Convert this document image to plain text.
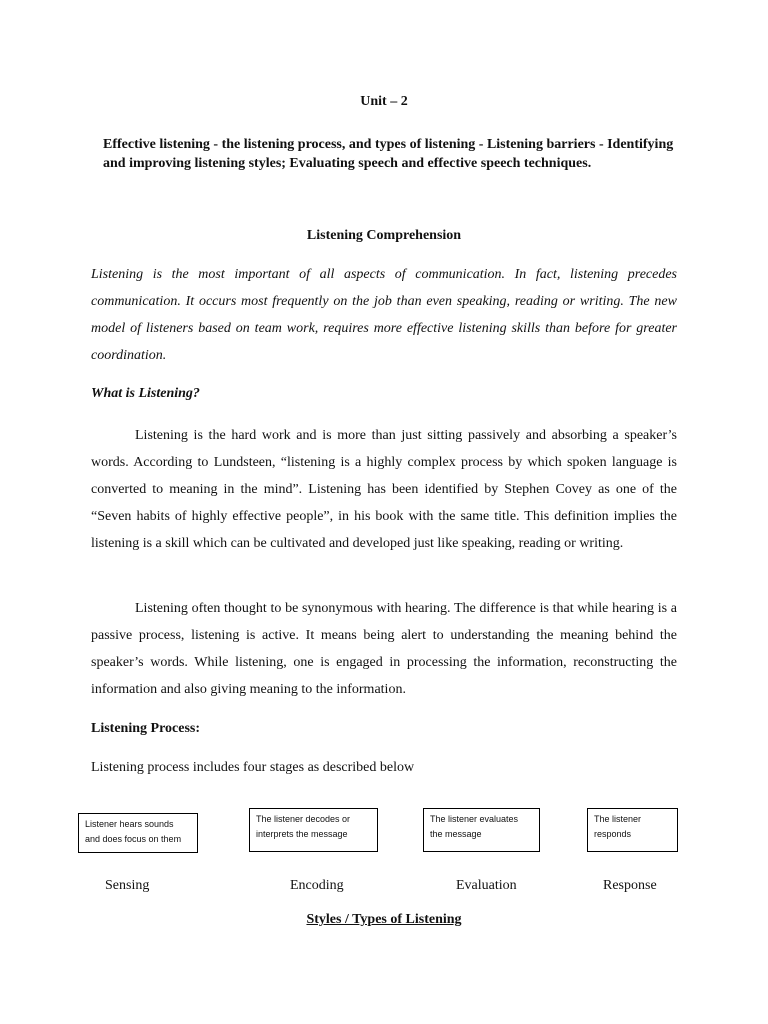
Unit – 2
Effective listening - the listening process, and types of listening - Listening barriers - Identifying and improving listening styles; Evaluating speech and effective speech techniques.
Listening Comprehension

Listening is the most important of all aspects of communication. In fact, listening precedes communication. It occurs most frequently on the job than even speaking, reading or writing. The new model of listeners based on team work, requires more effective listening skills than before for greater coordination.

What is Listening?

Listening is the hard work and is more than just sitting passively and absorbing a speaker’s words. According to Lundsteen, “listening is a highly complex process by which spoken language is converted to meaning in the mind”. Listening has been identified by Stephen Covey as one of the “Seven habits of highly effective people”, in his book with the same title. This definition implies the listening is a skill which can be cultivated and developed just like speaking, reading or writing.

Listening often thought to be synonymous with hearing. The difference is that while hearing is a passive process, listening is active. It means being alert to understanding the meaning behind the speaker’s words. While listening, one is engaged in processing the information, reconstructing the information and also giving meaning to the information.

Listening Process:
Listening process includes four stages as described below
Listener hears sounds and does focus on them
The listener decodes or interprets the message
The listener evaluates the message
The listener responds
Sensing	Encoding	Evaluation	Response
Styles / Types of Listening
